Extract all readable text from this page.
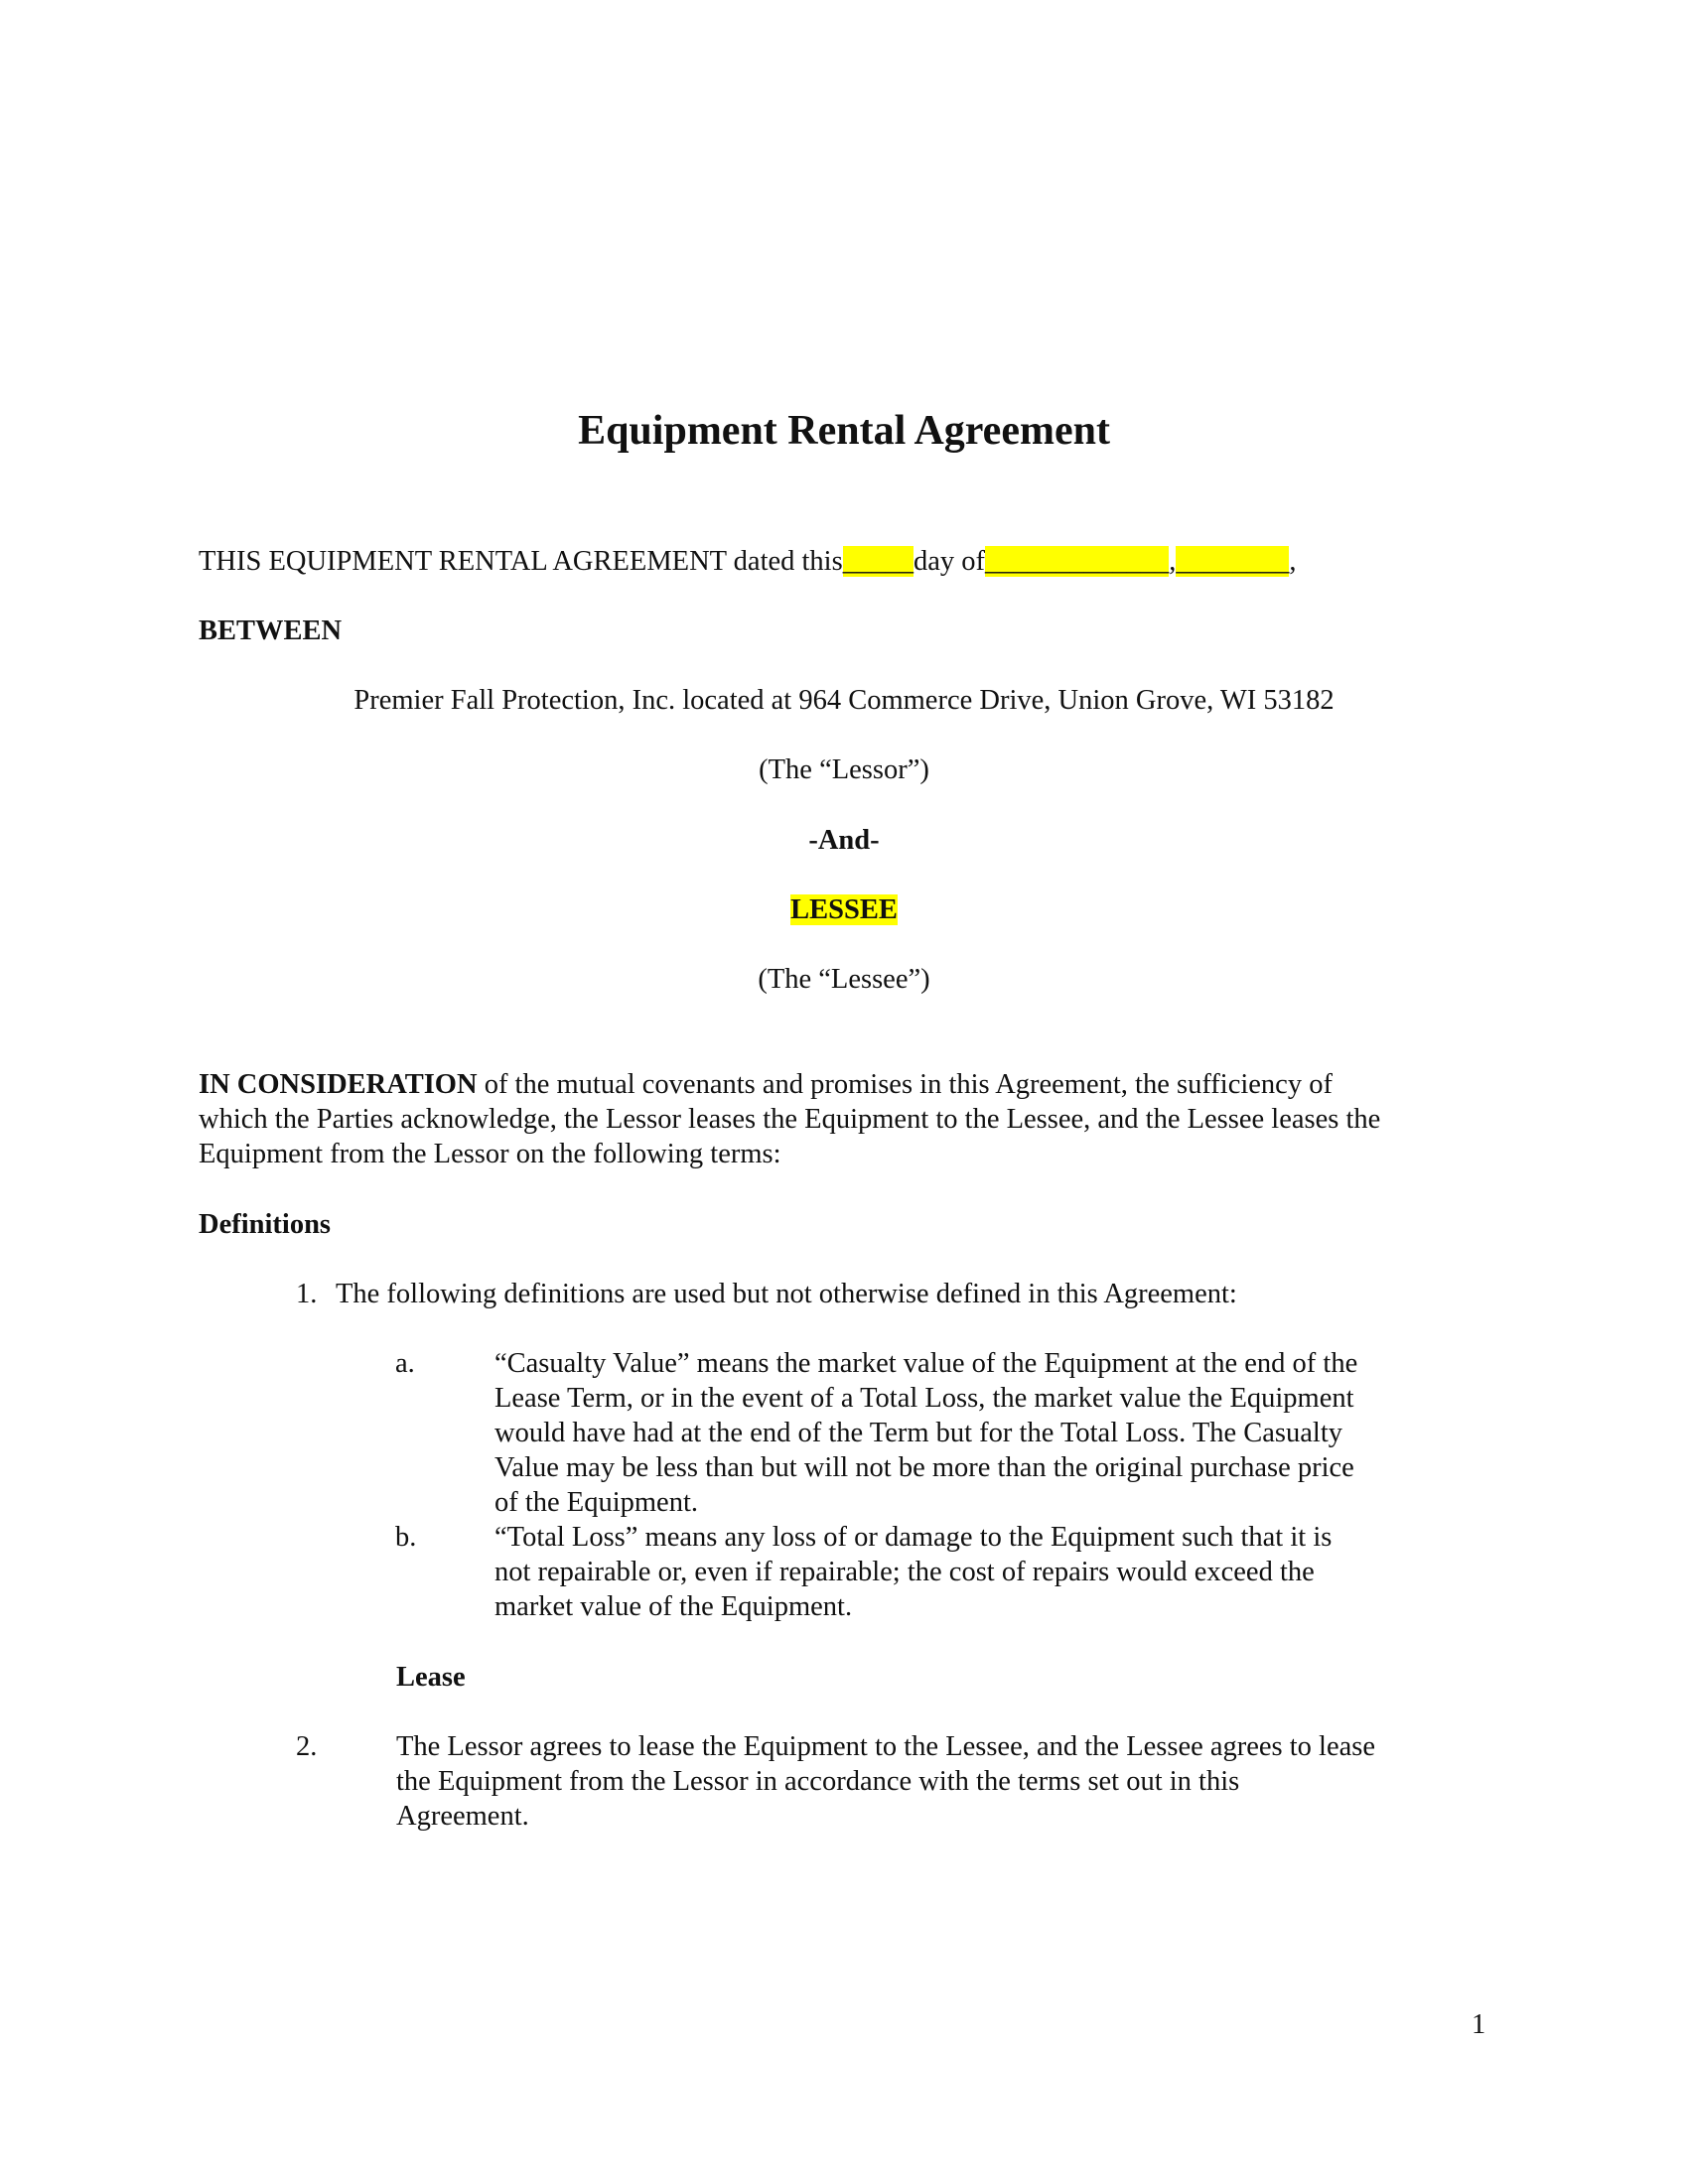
Equipment Rental Agreement
THIS EQUIPMENT RENTAL AGREEMENT dated this_____day of_____________,________,
BETWEEN
Premier Fall Protection, Inc. located at 964 Commerce Drive, Union Grove, WI 53182
(The “Lessor”)
-And-
LESSEE
(The “Lessee”)
IN CONSIDERATION of the mutual covenants and promises in this Agreement, the sufficiency of
which the Parties acknowledge, the Lessor leases the Equipment to the Lessee, and the Lessee leases the
Equipment from the Lessor on the following terms:
Definitions
1. The following definitions are used but not otherwise defined in this Agreement:
a.	“Casualty Value” means the market value of the Equipment at the end of the
Lease Term, or in the event of a Total Loss, the market value the Equipment
would have had at the end of the Term but for the Total Loss. The Casualty
Value may be less than but will not be more than the original purchase price
of the Equipment.
b.	“Total Loss” means any loss of or damage to the Equipment such that it is
not repairable or, even if repairable; the cost of repairs would exceed the
market value of the Equipment.
Lease
2.	The Lessor agrees to lease the Equipment to the Lessee, and the Lessee agrees to lease
the Equipment from the Lessor in accordance with the terms set out in this
Agreement.
1
